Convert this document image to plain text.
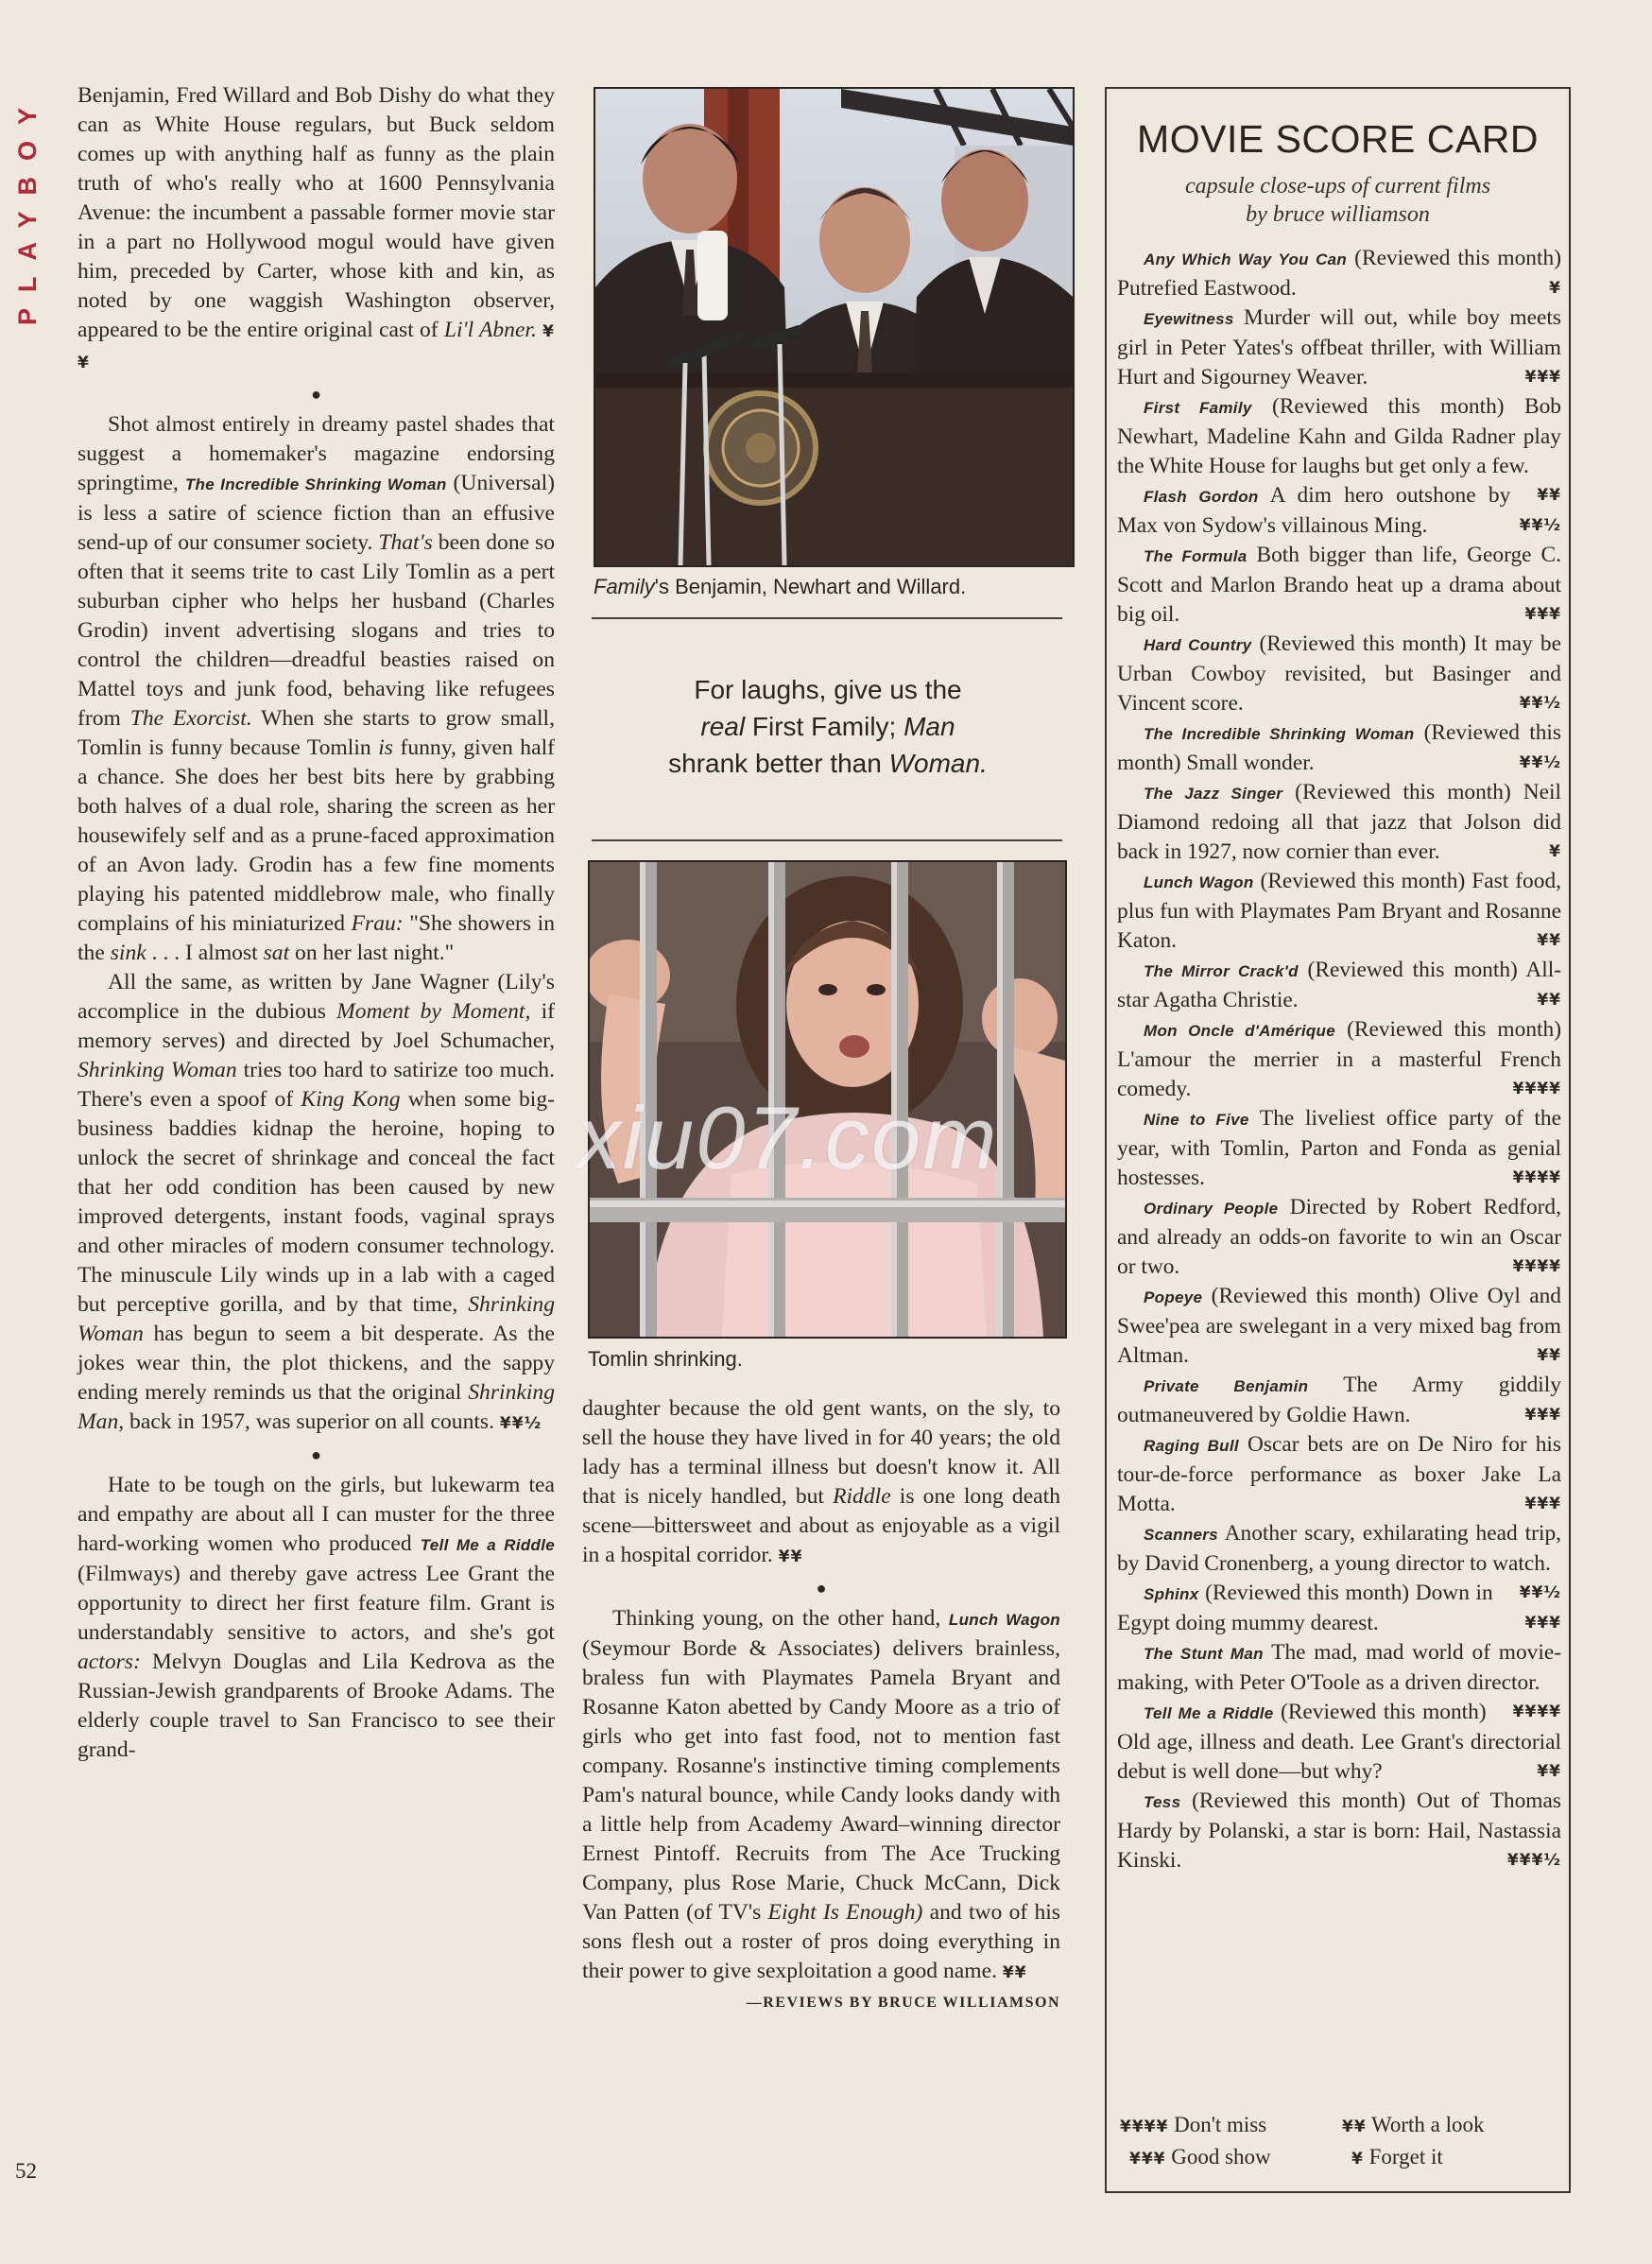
PLAYBOY
52

Benjamin, Fred Willard and Bob Dishy do what they can as White House regulars, but Buck seldom comes up with anything half as funny as the plain truth of who's really who at 1600 Pennsylvania Avenue: the incumbent a passable former movie star in a part no Hollywood mogul would have given him, preceded by Carter, whose kith and kin, as noted by one waggish Washington observer, appeared to be the entire original cast of Li'l Abner. ¥¥

●

Shot almost entirely in dreamy pastel shades that suggest a homemaker's magazine endorsing springtime, The Incredible Shrinking Woman (Universal) is less a satire of science fiction than an effusive send-up of our consumer society. That's been done so often that it seems trite to cast Lily Tomlin as a pert suburban cipher who helps her husband (Charles Grodin) invent advertising slogans and tries to control the children—dreadful beasties raised on Mattel toys and junk food, behaving like refugees from The Exorcist. When she starts to grow small, Tomlin is funny because Tomlin is funny, given half a chance. She does her best bits here by grabbing both halves of a dual role, sharing the screen as her housewifely self and as a prune-faced approximation of an Avon lady. Grodin has a few fine moments playing his patented middlebrow male, who finally complains of his miniaturized Frau: "She showers in the sink . . . I almost sat on her last night."

All the same, as written by Jane Wagner (Lily's accomplice in the dubious Moment by Moment, if memory serves) and directed by Joel Schumacher, Shrinking Woman tries too hard to satirize too much. There's even a spoof of King Kong when some big-business baddies kidnap the heroine, hoping to unlock the secret of shrinkage and conceal the fact that her odd condition has been caused by new improved detergents, instant foods, vaginal sprays and other miracles of modern consumer technology. The minuscule Lily winds up in a lab with a caged but perceptive gorilla, and by that time, Shrinking Woman has begun to seem a bit desperate. As the jokes wear thin, the plot thickens, and the sappy ending merely reminds us that the original Shrinking Man, back in 1957, was superior on all counts. ¥¥½

●

Hate to be tough on the girls, but lukewarm tea and empathy are about all I can muster for the three hard-working women who produced Tell Me a Riddle (Filmways) and thereby gave actress Lee Grant the opportunity to direct her first feature film. Grant is understandably sensitive to actors, and she's got actors: Melvyn Douglas and Lila Kedrova as the Russian-Jewish grandparents of Brooke Adams. The elderly couple travel to San Francisco to see their grand-

Family's Benjamin, Newhart and Willard.
For laughs, give us the
real First Family; Man
shrank better than Woman.
Tomlin shrinking.
xiu07.com

daughter because the old gent wants, on the sly, to sell the house they have lived in for 40 years; the old lady has a terminal illness but doesn't know it. All that is nicely handled, but Riddle is one long death scene—bittersweet and about as enjoyable as a vigil in a hospital corridor. ¥¥

●

Thinking young, on the other hand, Lunch Wagon (Seymour Borde & Associates) delivers brainless, braless fun with Playmates Pamela Bryant and Rosanne Katon abetted by Candy Moore as a trio of girls who get into fast food, not to mention fast company. Rosanne's instinctive timing complements Pam's natural bounce, while Candy looks dandy with a little help from Academy Award–winning director Ernest Pintoff. Recruits from The Ace Trucking Company, plus Rose Marie, Chuck McCann, Dick Van Patten (of TV's Eight Is Enough) and two of his sons flesh out a roster of pros doing everything in their power to give sexploitation a good name. ¥¥

—REVIEWS BY BRUCE WILLIAMSON
MOVIE SCORE CARD
capsule close-ups of current films
by bruce williamson

Any Which Way You Can (Reviewed this month) Putrefied Eastwood.	¥

Eyewitness Murder will out, while boy meets girl in Peter Yates's offbeat thriller, with William Hurt and Sigourney Weaver.	¥¥¥

First Family (Reviewed this month) Bob Newhart, Madeline Kahn and Gilda Radner play the White House for laughs but get only a few.
¥¥

Flash Gordon A dim hero outshone by Max von Sydow's villainous Ming.	¥¥½

The Formula Both bigger than life, George C. Scott and Marlon Brando heat up a drama about big oil.	¥¥¥

Hard Country (Reviewed this month) It may be Urban Cowboy revisited, but Basinger and Vincent score.	¥¥½

The Incredible Shrinking Woman (Reviewed this month) Small wonder.	¥¥½

The Jazz Singer (Reviewed this month) Neil Diamond redoing all that jazz that Jolson did back in 1927, now cornier than ever.	¥

Lunch Wagon (Reviewed this month) Fast food, plus fun with Playmates Pam Bryant and Rosanne Katon.	¥¥

The Mirror Crack'd (Reviewed this month) All-star Agatha Christie.	¥¥

Mon Oncle d'Amérique (Reviewed this month) L'amour the merrier in a masterful French comedy.	¥¥¥¥

Nine to Five The liveliest office party of the year, with Tomlin, Parton and Fonda as genial hostesses.	¥¥¥¥

Ordinary People Directed by Robert Redford, and already an odds-on favorite to win an Oscar or two.	¥¥¥¥

Popeye (Reviewed this month) Olive Oyl and Swee'pea are swelegant in a very mixed bag from Altman.	¥¥

Private Benjamin The Army giddily outmaneuvered by Goldie Hawn.	¥¥¥

Raging Bull Oscar bets are on De Niro for his tour-de-force performance as boxer Jake La Motta.	¥¥¥

Scanners Another scary, exhilarating head trip, by David Cronenberg, a young director to watch.
¥¥½

Sphinx (Reviewed this month) Down in Egypt doing mummy dearest.	¥¥¥

The Stunt Man The mad, mad world of movie-making, with Peter O'Toole as a driven director.
¥¥¥¥

Tell Me a Riddle (Reviewed this month) Old age, illness and death. Lee Grant's directorial debut is well done—but why?	¥¥

Tess (Reviewed this month) Out of Thomas Hardy by Polanski, a star is born: Hail, Nastassia Kinski.	¥¥¥½

¥¥¥¥ Don't miss	¥¥ Worth a look
¥¥¥ Good show	¥ Forget it
